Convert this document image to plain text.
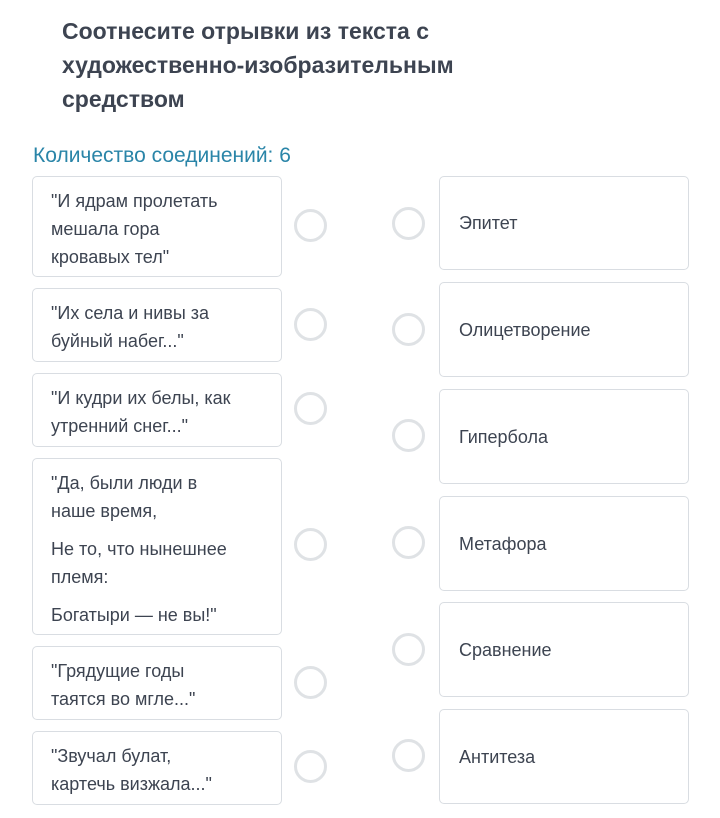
Соотнесите отрывки из текста с
художественно-изобразительным
средством
Количество соединений: 6
"И ядрам пролетать
мешала гора
кровавых тел"
"Их села и нивы за
буйный набег..."
"И кудри их белы, как
утренний снег..."
"Да, были люди в
наше время,
Не то, что нынешнее
племя:
Богатыри — не вы!"
"Грядущие годы
таятся во мгле..."
"Звучал булат,
картечь визжала..."
Эпитет
Олицетворение
Гипербола
Метафора
Сравнение
Антитеза
